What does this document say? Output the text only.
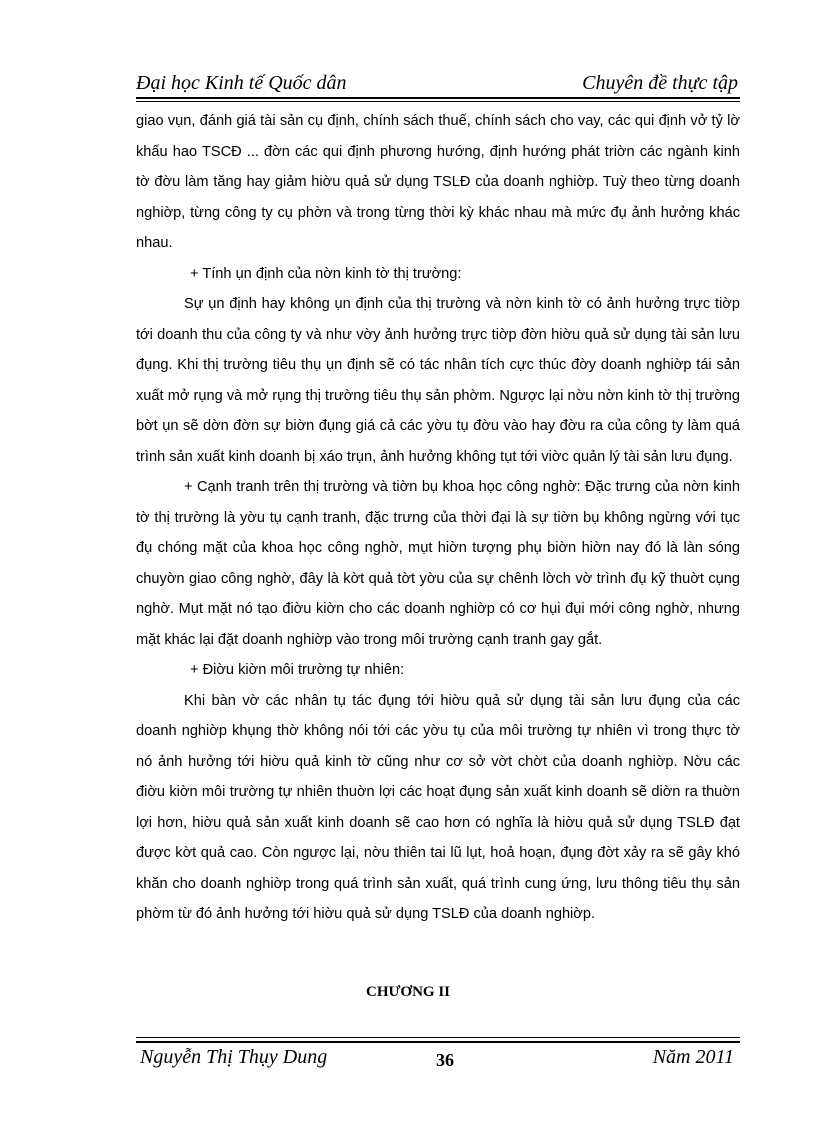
Đại học Kinh tế Quốc dân	Chuyên đề thực tập

giao vụn, đánh giá tài sản cụ định, chính sách thuế, chính sách cho vay, các qui định vở tỷ lờ khấu hao TSCĐ ... đờn các qui định phương hướng, định hướng phát triờn các ngành kinh tờ đờu làm tăng hay giảm hiờu quả sử dụng TSLĐ của doanh nghiờp. Tuỳ theo từng doanh nghiờp, từng công ty cụ phờn và trong từng thời kỳ khác nhau mà mức đụ ảnh hưởng khác nhau.

+ Tính ụn định của nờn kinh tờ thị trường:

Sự ụn định hay không ụn định của thị trường và nờn kinh tờ có ảnh hưởng trực tiờp tới doanh thu của công ty và như vờy ảnh hưởng trực tiờp đờn hiờu quả sử dụng tài sản lưu đụng. Khi thị trường tiêu thụ ụn định sẽ có tác nhân tích cực thúc đờy doanh nghiờp tái sản xuất mở rụng và mở rụng thị trường tiêu thụ sản phờm. Ngược lại nờu nờn kinh tờ thị trường bờt ụn sẽ dờn đờn sự biờn đụng giá cả các yờu tụ đờu vào hay đờu ra của công ty làm quá trình sản xuất kinh doanh bị xáo trụn, ảnh hưởng không tụt tới viờc quản lý tài sản lưu đụng.

+ Cạnh tranh trên thị trường và tiờn bụ khoa học công nghờ: Đặc trưng của nờn kinh tờ thị trường là yờu tụ cạnh tranh, đặc trưng của thời đại là sự tiờn bụ không ngừng với tục đụ chóng mặt của khoa học công nghờ, mụt hiờn tượng phụ biờn hiờn nay đó là làn sóng chuyờn giao công nghờ, đây là kờt quả tờt yờu của sự chênh lờch vờ trình đụ kỹ thuờt cụng nghờ. Mụt mặt nó tạo điờu kiờn cho các doanh nghiờp có cơ hụi đụi mới công nghờ, nhưng mặt khác lại đặt doanh nghiờp vào trong môi trường cạnh tranh gay gắt.

+ Điờu kiờn môi trường tự nhiên:

Khi bàn vờ các nhân tụ tác đụng tới hiờu quả sử dụng tài sản lưu đụng của các doanh nghiờp khụng thờ không nói tới các yờu tụ của môi trường tự nhiên vì trong thực tờ nó ảnh hưởng tới hiờu quả kinh tờ cũng như cơ sở vờt chờt của doanh nghiờp. Nờu các điờu kiờn môi trường tự nhiên thuờn lợi các hoạt đụng sản xuất kinh doanh sẽ diờn ra thuờn lợi hơn, hiờu quả sản xuất kinh doanh sẽ cao hơn có nghĩa là hiờu quả sử dụng TSLĐ đạt được kờt quả cao. Còn ngược lại, nờu thiên tai lũ lụt, hoả hoạn, đụng đờt xảy ra sẽ gây khó khăn cho doanh nghiờp trong quá trình sản xuất, quá trình cung ứng, lưu thông tiêu thụ sản phờm từ đó ảnh hưởng tới hiờu quả sử dụng TSLĐ của doanh nghiờp.

CHƯƠNG II
Nguyễn Thị Thụy Dung	36	Năm 2011
